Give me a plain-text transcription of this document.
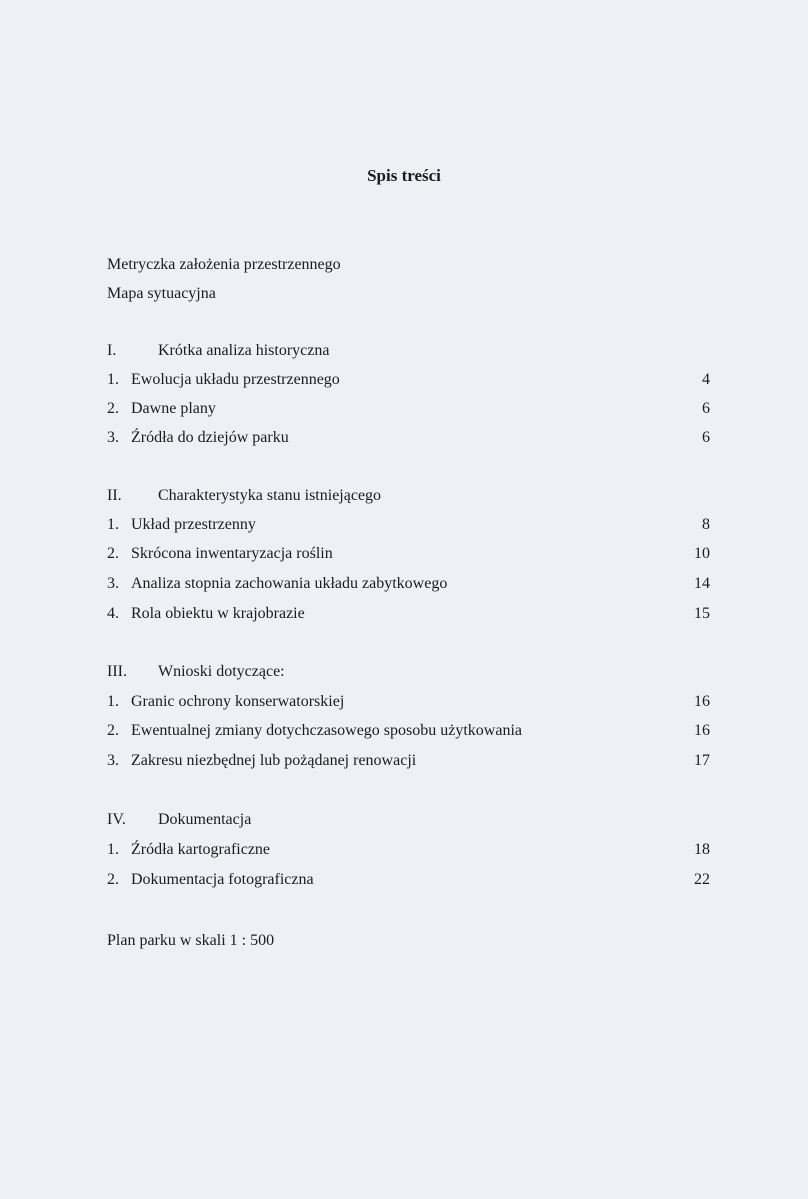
Spis treści
Metryczka założenia przestrzennego
Mapa sytuacyjna
I.	Krótka analiza historyczna
1. Ewolucja układu przestrzennego	4
2. Dawne plany	6
3. Źródła do dziejów parku	6
II. Charakterystyka stanu istniejącego
1. Układ przestrzenny	8
2. Skrócona inwentaryzacja roślin	10
3. Analiza stopnia zachowania układu zabytkowego	14
4. Rola obiektu w krajobrazie	15
III. Wnioski dotyczące:
1. Granic ochrony konserwatorskiej	16
2. Ewentualnej zmiany dotychczasowego sposobu użytkowania	16
3. Zakresu niezbędnej lub pożądanej renowacji	17
IV. Dokumentacja
1. Źródła kartograficzne	18
2. Dokumentacja fotograficzna	22
Plan parku w skali 1 : 500
